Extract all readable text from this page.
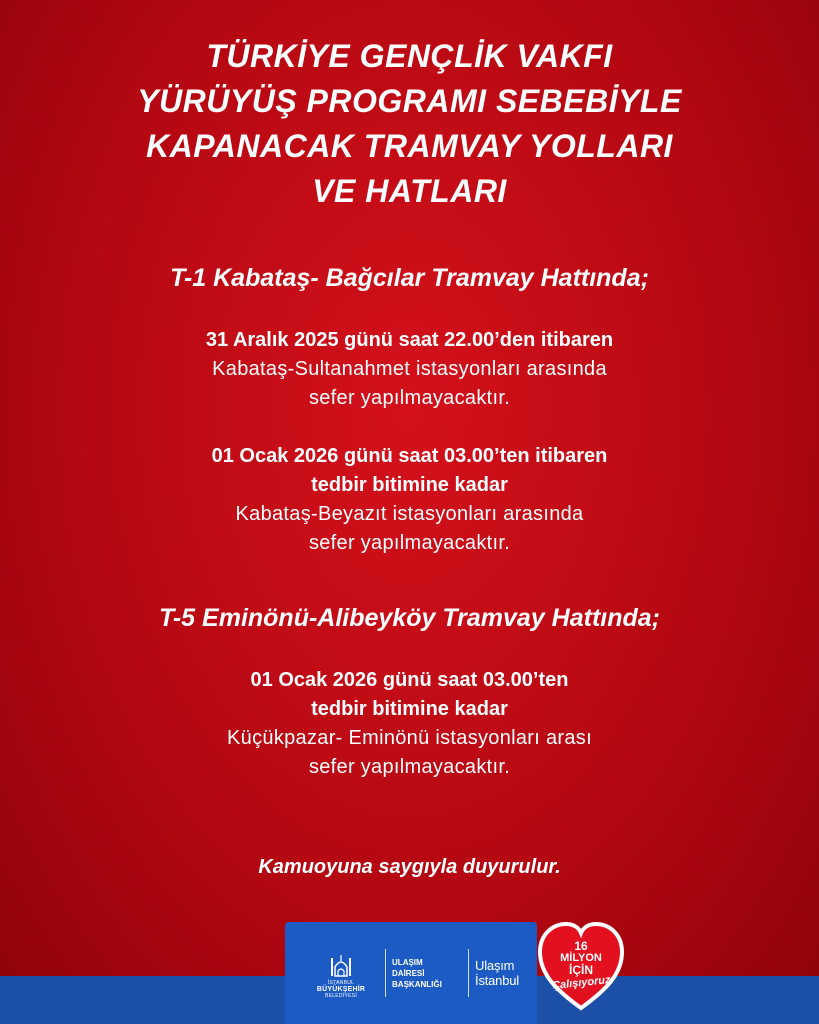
TÜRKİYE GENÇLİK VAKFI
YÜRÜYÜŞ PROGRAMI SEBEBİYLE
KAPANACAK TRAMVAY YOLLARI
VE HATLARI
T-1 Kabataş- Bağcılar Tramvay Hattında;
31 Aralık 2025 günü saat 22.00’den itibaren
Kabataş-Sultanahmet istasyonları arasında
sefer yapılmayacaktır.
01 Ocak 2026 günü saat 03.00’ten itibaren
tedbir bitimine kadar
Kabataş-Beyazıt istasyonları arasında
sefer yapılmayacaktır.
T-5 Eminönü-Alibeyköy Tramvay Hattında;
01 Ocak 2026 günü saat 03.00’ten
tedbir bitimine kadar
Küçükpazar- Eminönü istasyonları arası
sefer yapılmayacaktır.
Kamuoyuna saygıyla duyurulur.
İSTANBUL
BÜYÜKŞEHİR
BELEDİYESİ
ULAŞIM
DAİRESİ
BAŞKANLIĞI
Ulaşım
İstanbul
16
MİLYON
İÇİN
Çalışıyoruz
